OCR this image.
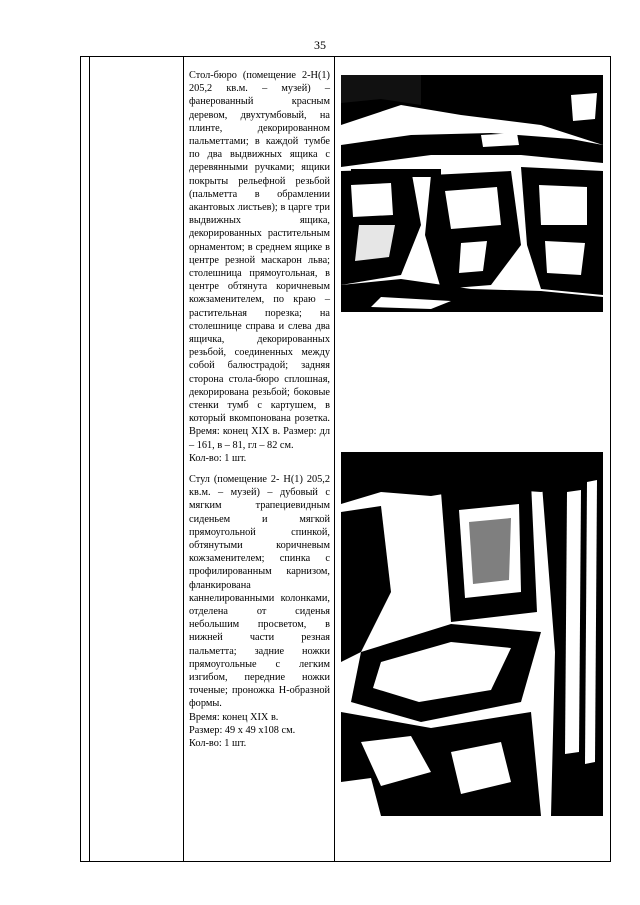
35
Стол-бюро (помещение 2-Н(1) 205,2 кв.м. – музей) – фанерованный красным деревом, двухтумбовый, на плинте, декорированном пальметтами; в каждой тумбе по два выдвижных ящика с деревянными ручками; ящики покрыты рельефной резьбой (пальметта в обрамлении акантовых листьев); в царге три выдвижных ящика, декорированных растительным орнаментом; в среднем ящике в центре резной маскарон льва; столешница прямоугольная, в центре обтянута коричневым кожзаменителем, по краю – растительная порезка; на столешнице справа и слева два ящичка, декорированных резьбой, соединенных между собой балюстрадой; задняя сторона стола-бюро сплошная, декорирована резьбой; боковые стенки тумб с картушем, в который вкомпонована розетка. Время: конец XIX в. Размер: дл – 161, в – 81, гл – 82 см.
Кол-во: 1 шт.
Стул (помещение 2- Н(1) 205,2 кв.м. – музей) – дубовый с мягким трапециевидным сиденьем и мягкой прямоугольной спинкой, обтянутыми коричневым кожзаменителем; спинка с профилированным карнизом, фланкирована каннелированными колонками, отделена от сиденья небольшим просветом, в нижней части резная пальметта; задние ножки прямоугольные с легким изгибом, передние ножки точеные; проножка Н-образной формы.
Время: конец XIX в.
Размер: 49 х 49 х108 см.
Кол-во: 1 шт.
